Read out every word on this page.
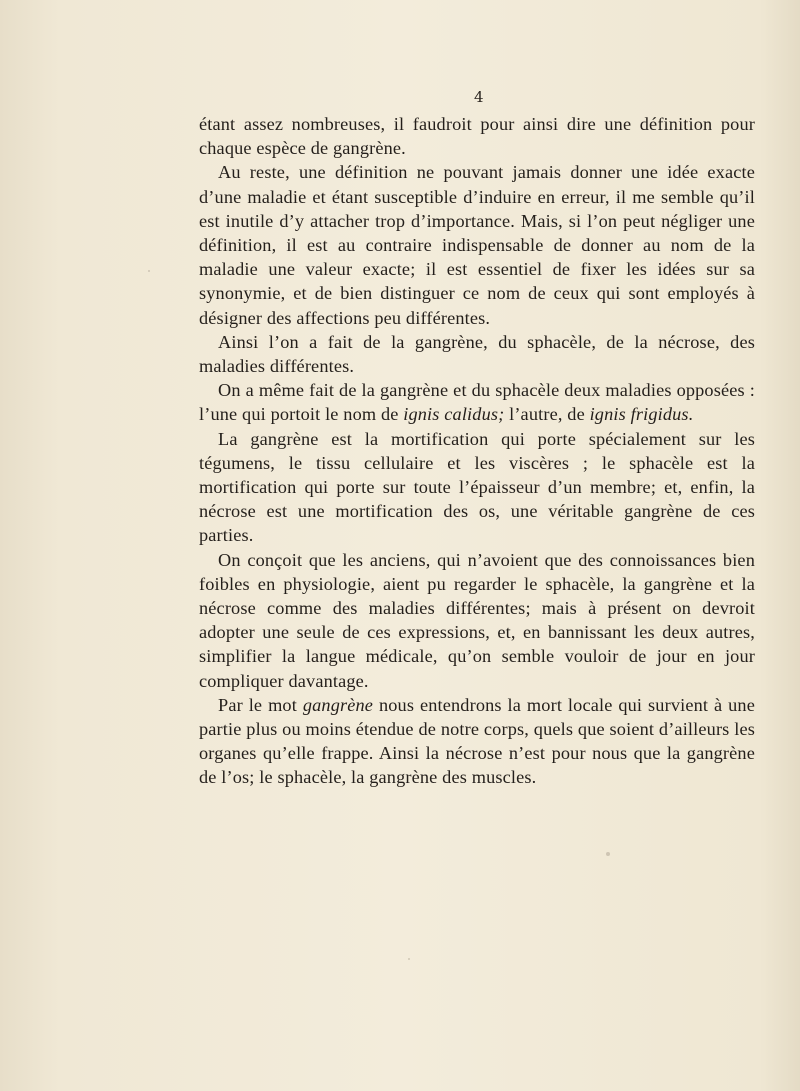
4

étant assez nombreuses, il faudroit pour ainsi dire une définition pour chaque espèce de gangrène.

Au reste, une définition ne pouvant jamais donner une idée exacte d’une maladie et étant susceptible d’induire en erreur, il me semble qu’il est inutile d’y attacher trop d’importance. Mais, si l’on peut négliger une définition, il est au contraire indispensable de donner au nom de la maladie une valeur exacte; il est essentiel de fixer les idées sur sa synonymie, et de bien distinguer ce nom de ceux qui sont employés à désigner des affections peu différentes.

Ainsi l’on a fait de la gangrène, du sphacèle, de la nécrose, des maladies différentes.

On a même fait de la gangrène et du sphacèle deux maladies opposées : l’une qui portoit le nom de ignis calidus; l’autre, de ignis frigidus.

La gangrène est la mortification qui porte spécialement sur les tégumens, le tissu cellulaire et les viscères ; le sphacèle est la mortification qui porte sur toute l’épaisseur d’un membre; et, enfin, la nécrose est une mortification des os, une véritable gangrène de ces parties.

On conçoit que les anciens, qui n’avoient que des connoissances bien foibles en physiologie, aient pu regarder le sphacèle, la gangrène et la nécrose comme des maladies différentes; mais à présent on devroit adopter une seule de ces expressions, et, en bannissant les deux autres, simplifier la langue médicale, qu’on semble vouloir de jour en jour compliquer davantage.

Par le mot gangrène nous entendrons la mort locale qui survient à une partie plus ou moins étendue de notre corps, quels que soient d’ailleurs les organes qu’elle frappe. Ainsi la nécrose n’est pour nous que la gangrène de l’os; le sphacèle, la gangrène des muscles.
